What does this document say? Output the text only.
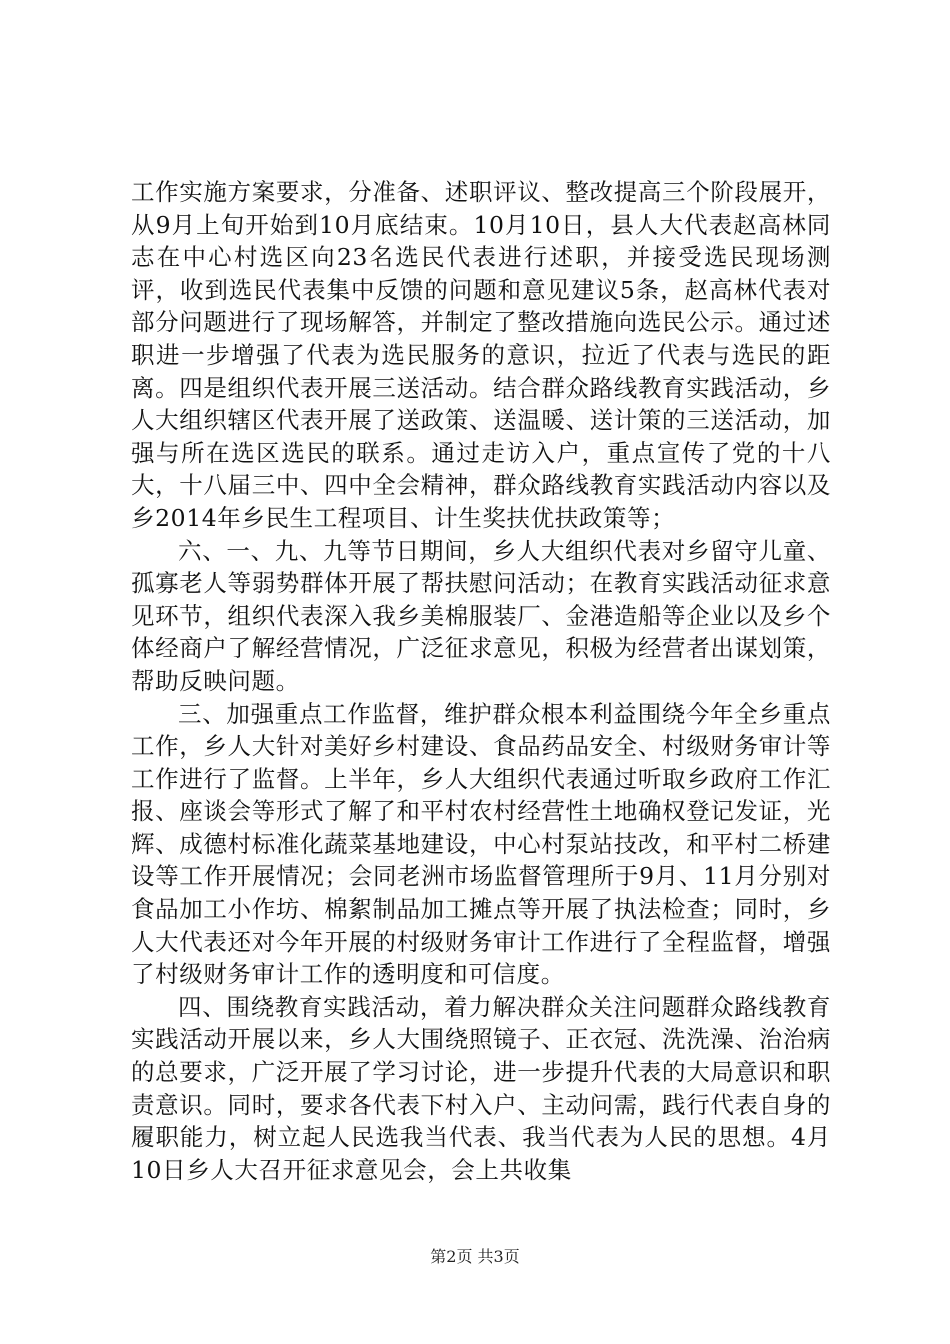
工作实施方案要求，分准备、述职评议、整改提高三个阶段展开，从9月上旬开始到10月底结束。10月10日，县人大代表赵高林同志在中心村选区向23名选民代表进行述职，并接受选民现场测评，收到选民代表集中反馈的问题和意见建议5条，赵高林代表对部分问题进行了现场解答，并制定了整改措施向选民公示。通过述职进一步增强了代表为选民服务的意识，拉近了代表与选民的距离。四是组织代表开展三送活动。结合群众路线教育实践活动，乡人大组织辖区代表开展了送政策、送温暖、送计策的三送活动，加强与所在选区选民的联系。通过走访入户，重点宣传了党的十八大，十八届三中、四中全会精神，群众路线教育实践活动内容以及乡2014年乡民生工程项目、计生奖扶优扶政策等；

六、一、九、九等节日期间，乡人大组织代表对乡留守儿童、孤寡老人等弱势群体开展了帮扶慰问活动；在教育实践活动征求意见环节，组织代表深入我乡美棉服装厂、金港造船等企业以及乡个体经商户了解经营情况，广泛征求意见，积极为经营者出谋划策，帮助反映问题。

三、加强重点工作监督，维护群众根本利益围绕今年全乡重点工作，乡人大针对美好乡村建设、食品药品安全、村级财务审计等工作进行了监督。上半年，乡人大组织代表通过听取乡政府工作汇报、座谈会等形式了解了和平村农村经营性土地确权登记发证，光辉、成德村标准化蔬菜基地建设，中心村泵站技改，和平村二桥建设等工作开展情况；会同老洲市场监督管理所于9月、11月分别对食品加工小作坊、棉絮制品加工摊点等开展了执法检查；同时，乡人大代表还对今年开展的村级财务审计工作进行了全程监督，增强了村级财务审计工作的透明度和可信度。

四、围绕教育实践活动，着力解决群众关注问题群众路线教育实践活动开展以来，乡人大围绕照镜子、正衣冠、洗洗澡、治治病的总要求，广泛开展了学习讨论，进一步提升代表的大局意识和职责意识。同时，要求各代表下村入户、主动问需，践行代表自身的履职能力，树立起人民选我当代表、我当代表为人民的思想。4月10日乡人大召开征求意见会，会上共收集

第2页 共3页
